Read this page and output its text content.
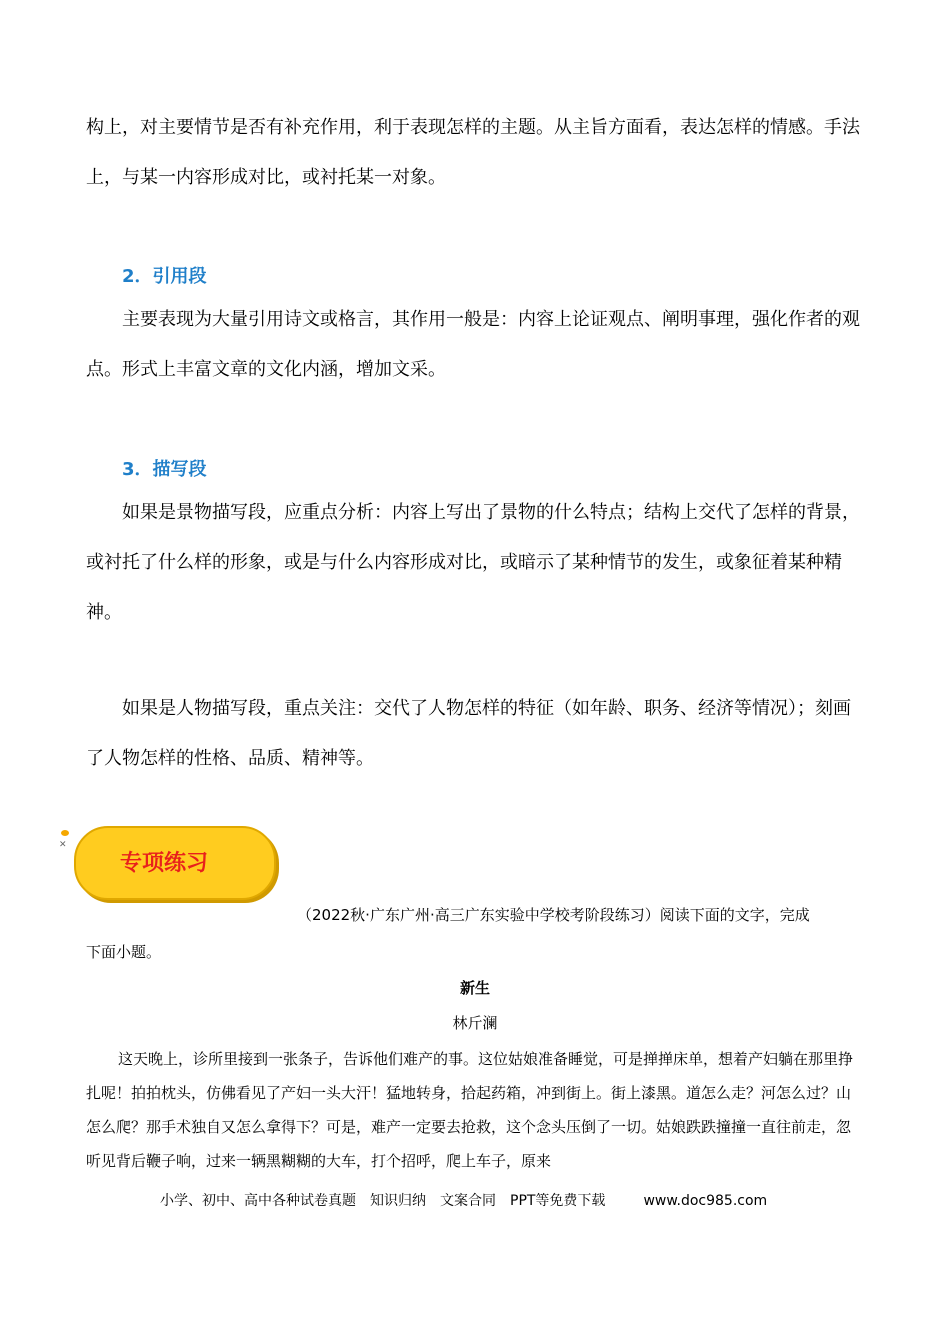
构上，对主要情节是否有补充作用，利于表现怎样的主题。从主旨方面看，表达怎样的情感。手法上，与某一内容形成对比，或衬托某一对象。

2．引用段

主要表现为大量引用诗文或格言，其作用一般是：内容上论证观点、阐明事理，强化作者的观点。形式上丰富文章的文化内涵，增加文采。

3．描写段

如果是景物描写段，应重点分析：内容上写出了景物的什么特点；结构上交代了怎样的背景，或衬托了什么样的形象，或是与什么内容形成对比，或暗示了某种情节的发生，或象征着某种精神。

如果是人物描写段，重点关注：交代了人物怎样的特征（如年龄、职务、经济等情况）；刻画了人物怎样的性格、品质、精神等。

✕
专项练习

（2022秋·广东广州·高三广东实验中学校考阶段练习）阅读下面的文字，完成

下面小题。

新生

林斤澜

这天晚上，诊所里接到一张条子，告诉他们难产的事。这位姑娘准备睡觉，可是掸掸床单，想着产妇躺在那里挣扎呢！拍拍枕头，仿佛看见了产妇一头大汗！猛地转身，拾起药箱，冲到街上。街上漆黑。道怎么走？河怎么过？山怎么爬？那手术独自又怎么拿得下？可是，难产一定要去抢救，这个念头压倒了一切。姑娘跌跌撞撞一直往前走，忽听见背后鞭子响，过来一辆黑糊糊的大车，打个招呼，爬上车子，原来

小学、初中、高中各种试卷真题 知识归纳 文案合同 PPT等免费下载	www.doc985.com
